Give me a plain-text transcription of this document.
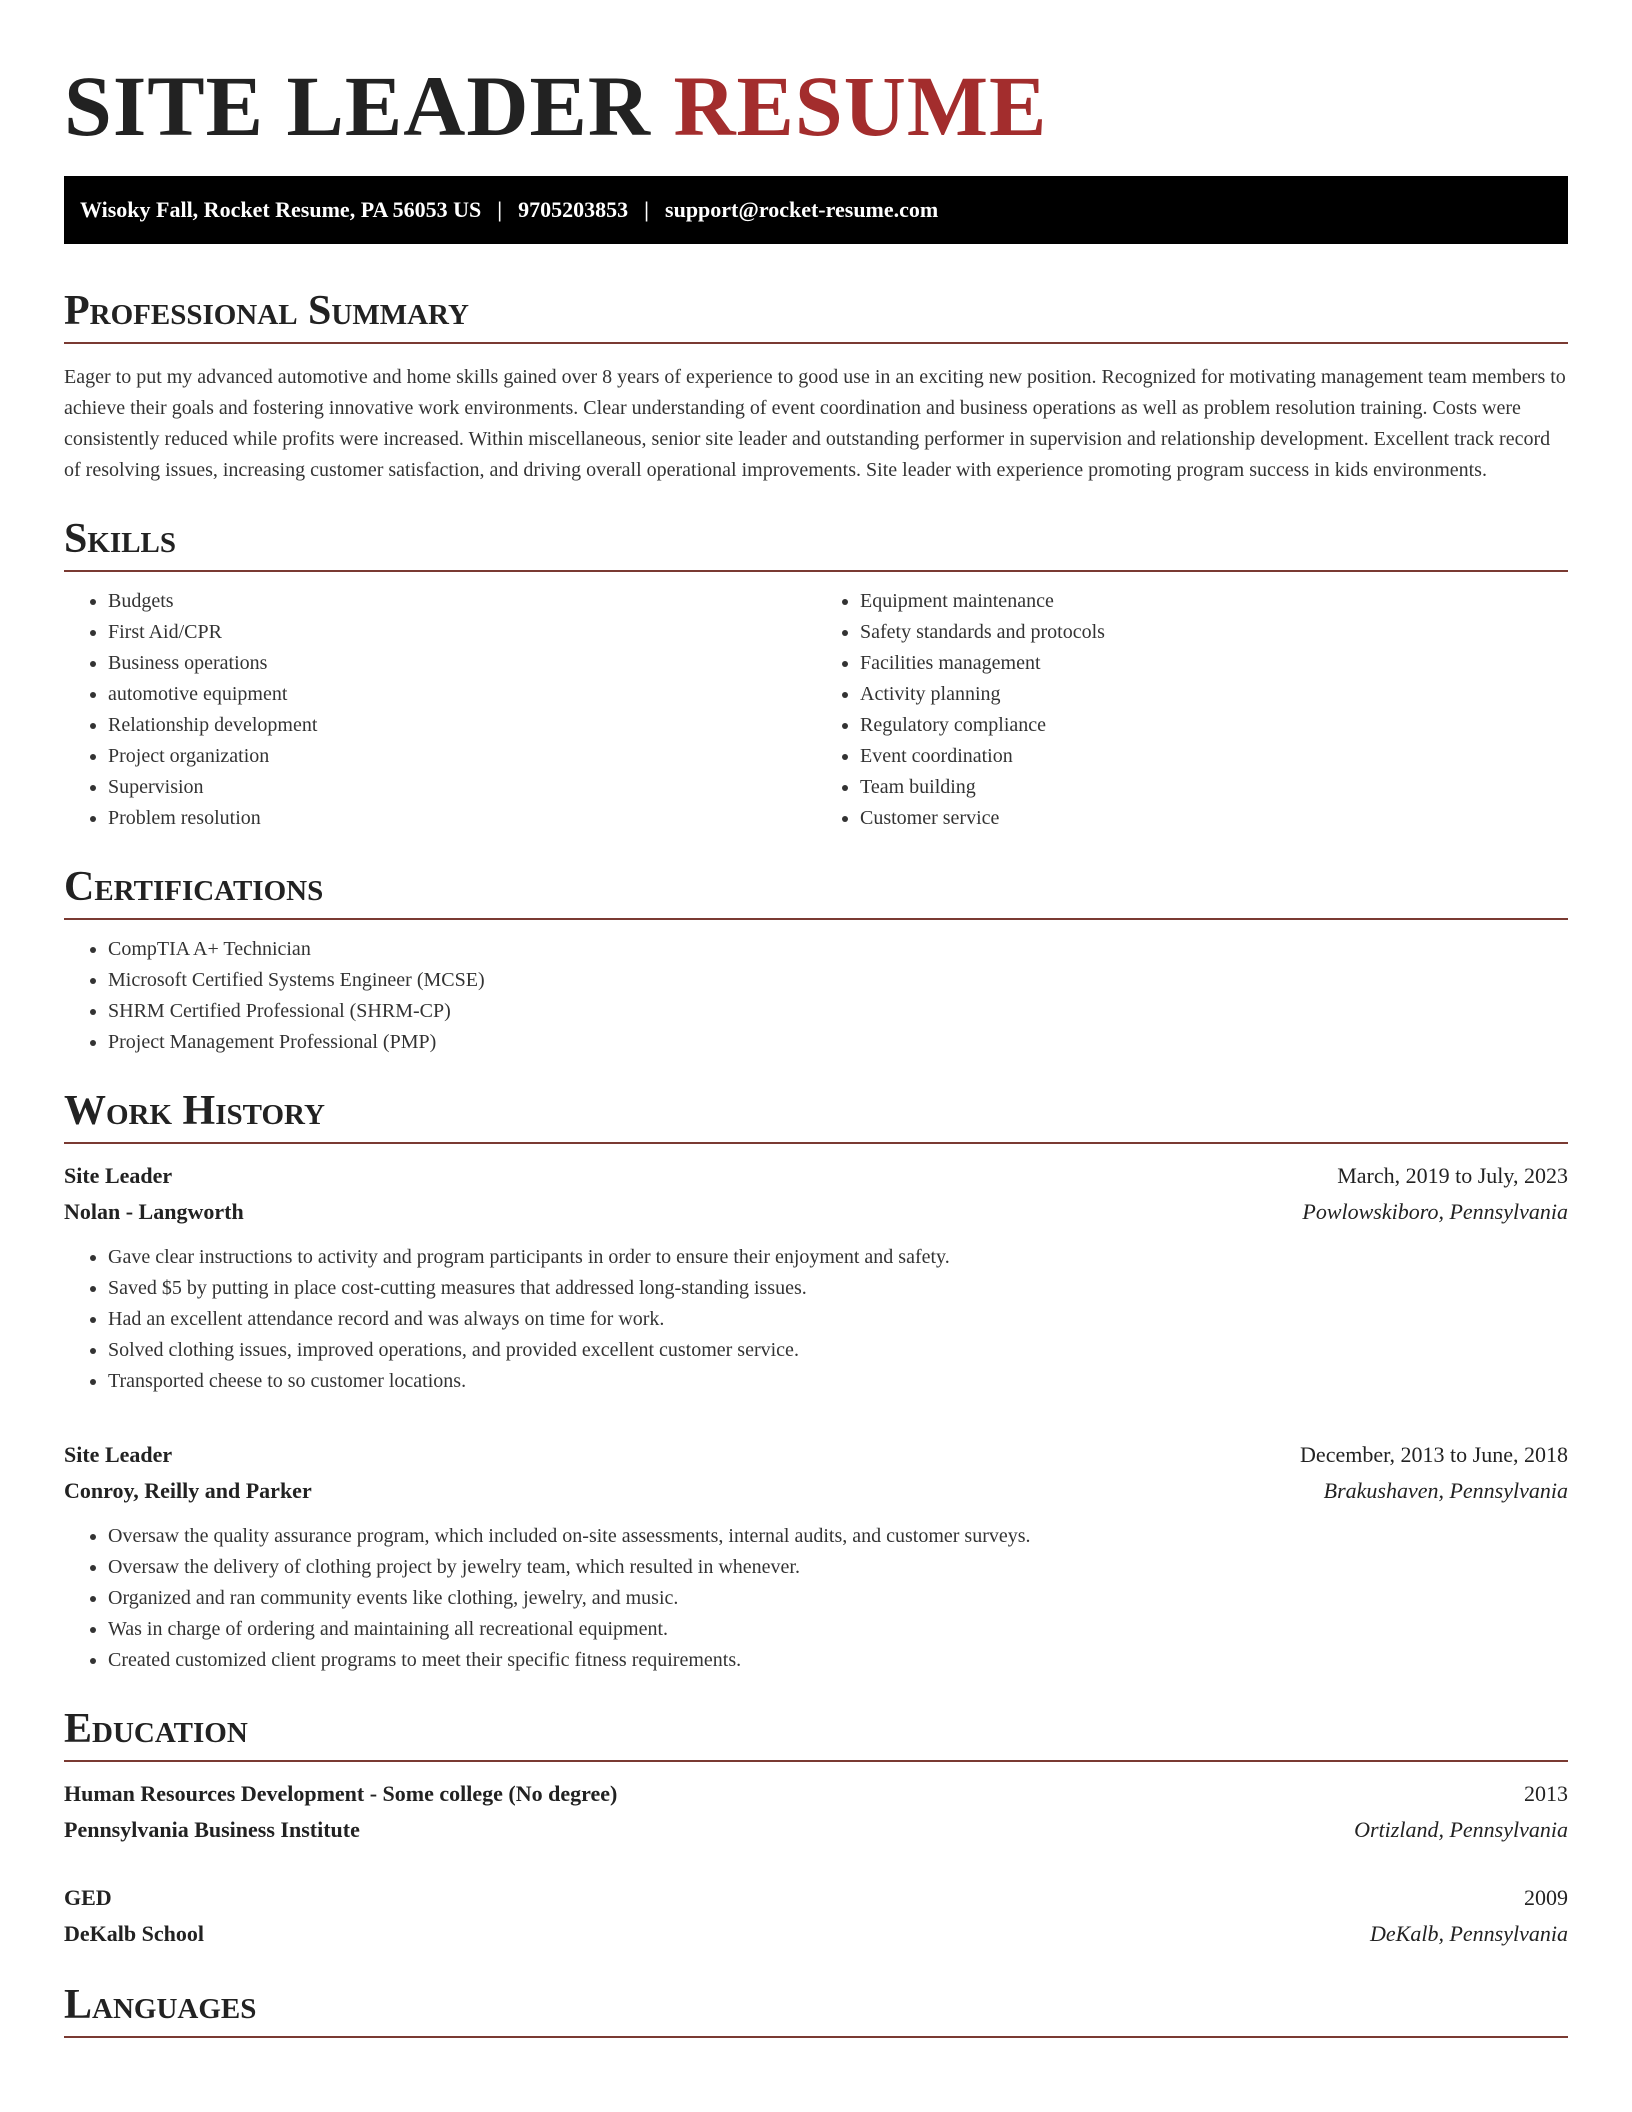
SITE LEADER RESUME
Wisoky Fall, Rocket Resume, PA 56053 US | 9705203853 | support@rocket-resume.com
Professional Summary

Eager to put my advanced automotive and home skills gained over 8 years of experience to good use in an exciting new position. Recognized for motivating management team members to achieve their goals and fostering innovative work environments. Clear understanding of event coordination and business operations as well as problem resolution training. Costs were consistently reduced while profits were increased. Within miscellaneous, senior site leader and outstanding performer in supervision and relationship development. Excellent track record of resolving issues, increasing customer satisfaction, and driving overall operational improvements. Site leader with experience promoting program success in kids environments.

Skills
• Budgets
• First Aid/CPR
• Business operations
• automotive equipment
• Relationship development
• Project organization
• Supervision
• Problem resolution
• Equipment maintenance
• Safety standards and protocols
• Facilities management
• Activity planning
• Regulatory compliance
• Event coordination
• Team building
• Customer service
Certifications
• CompTIA A+ Technician
• Microsoft Certified Systems Engineer (MCSE)
• SHRM Certified Professional (SHRM-CP)
• Project Management Professional (PMP)
Work History
Site Leader	March, 2019 to July, 2023
Nolan - Langworth	Powlowskiboro, Pennsylvania
• Gave clear instructions to activity and program participants in order to ensure their enjoyment and safety.
• Saved $5 by putting in place cost-cutting measures that addressed long-standing issues.
• Had an excellent attendance record and was always on time for work.
• Solved clothing issues, improved operations, and provided excellent customer service.
• Transported cheese to so customer locations.
Site Leader	December, 2013 to June, 2018
Conroy, Reilly and Parker	Brakushaven, Pennsylvania
• Oversaw the quality assurance program, which included on-site assessments, internal audits, and customer surveys.
• Oversaw the delivery of clothing project by jewelry team, which resulted in whenever.
• Organized and ran community events like clothing, jewelry, and music.
• Was in charge of ordering and maintaining all recreational equipment.
• Created customized client programs to meet their specific fitness requirements.
Education
Human Resources Development - Some college (No degree)	2013
Pennsylvania Business Institute	Ortizland, Pennsylvania
GED	2009
DeKalb School	DeKalb, Pennsylvania
Languages
